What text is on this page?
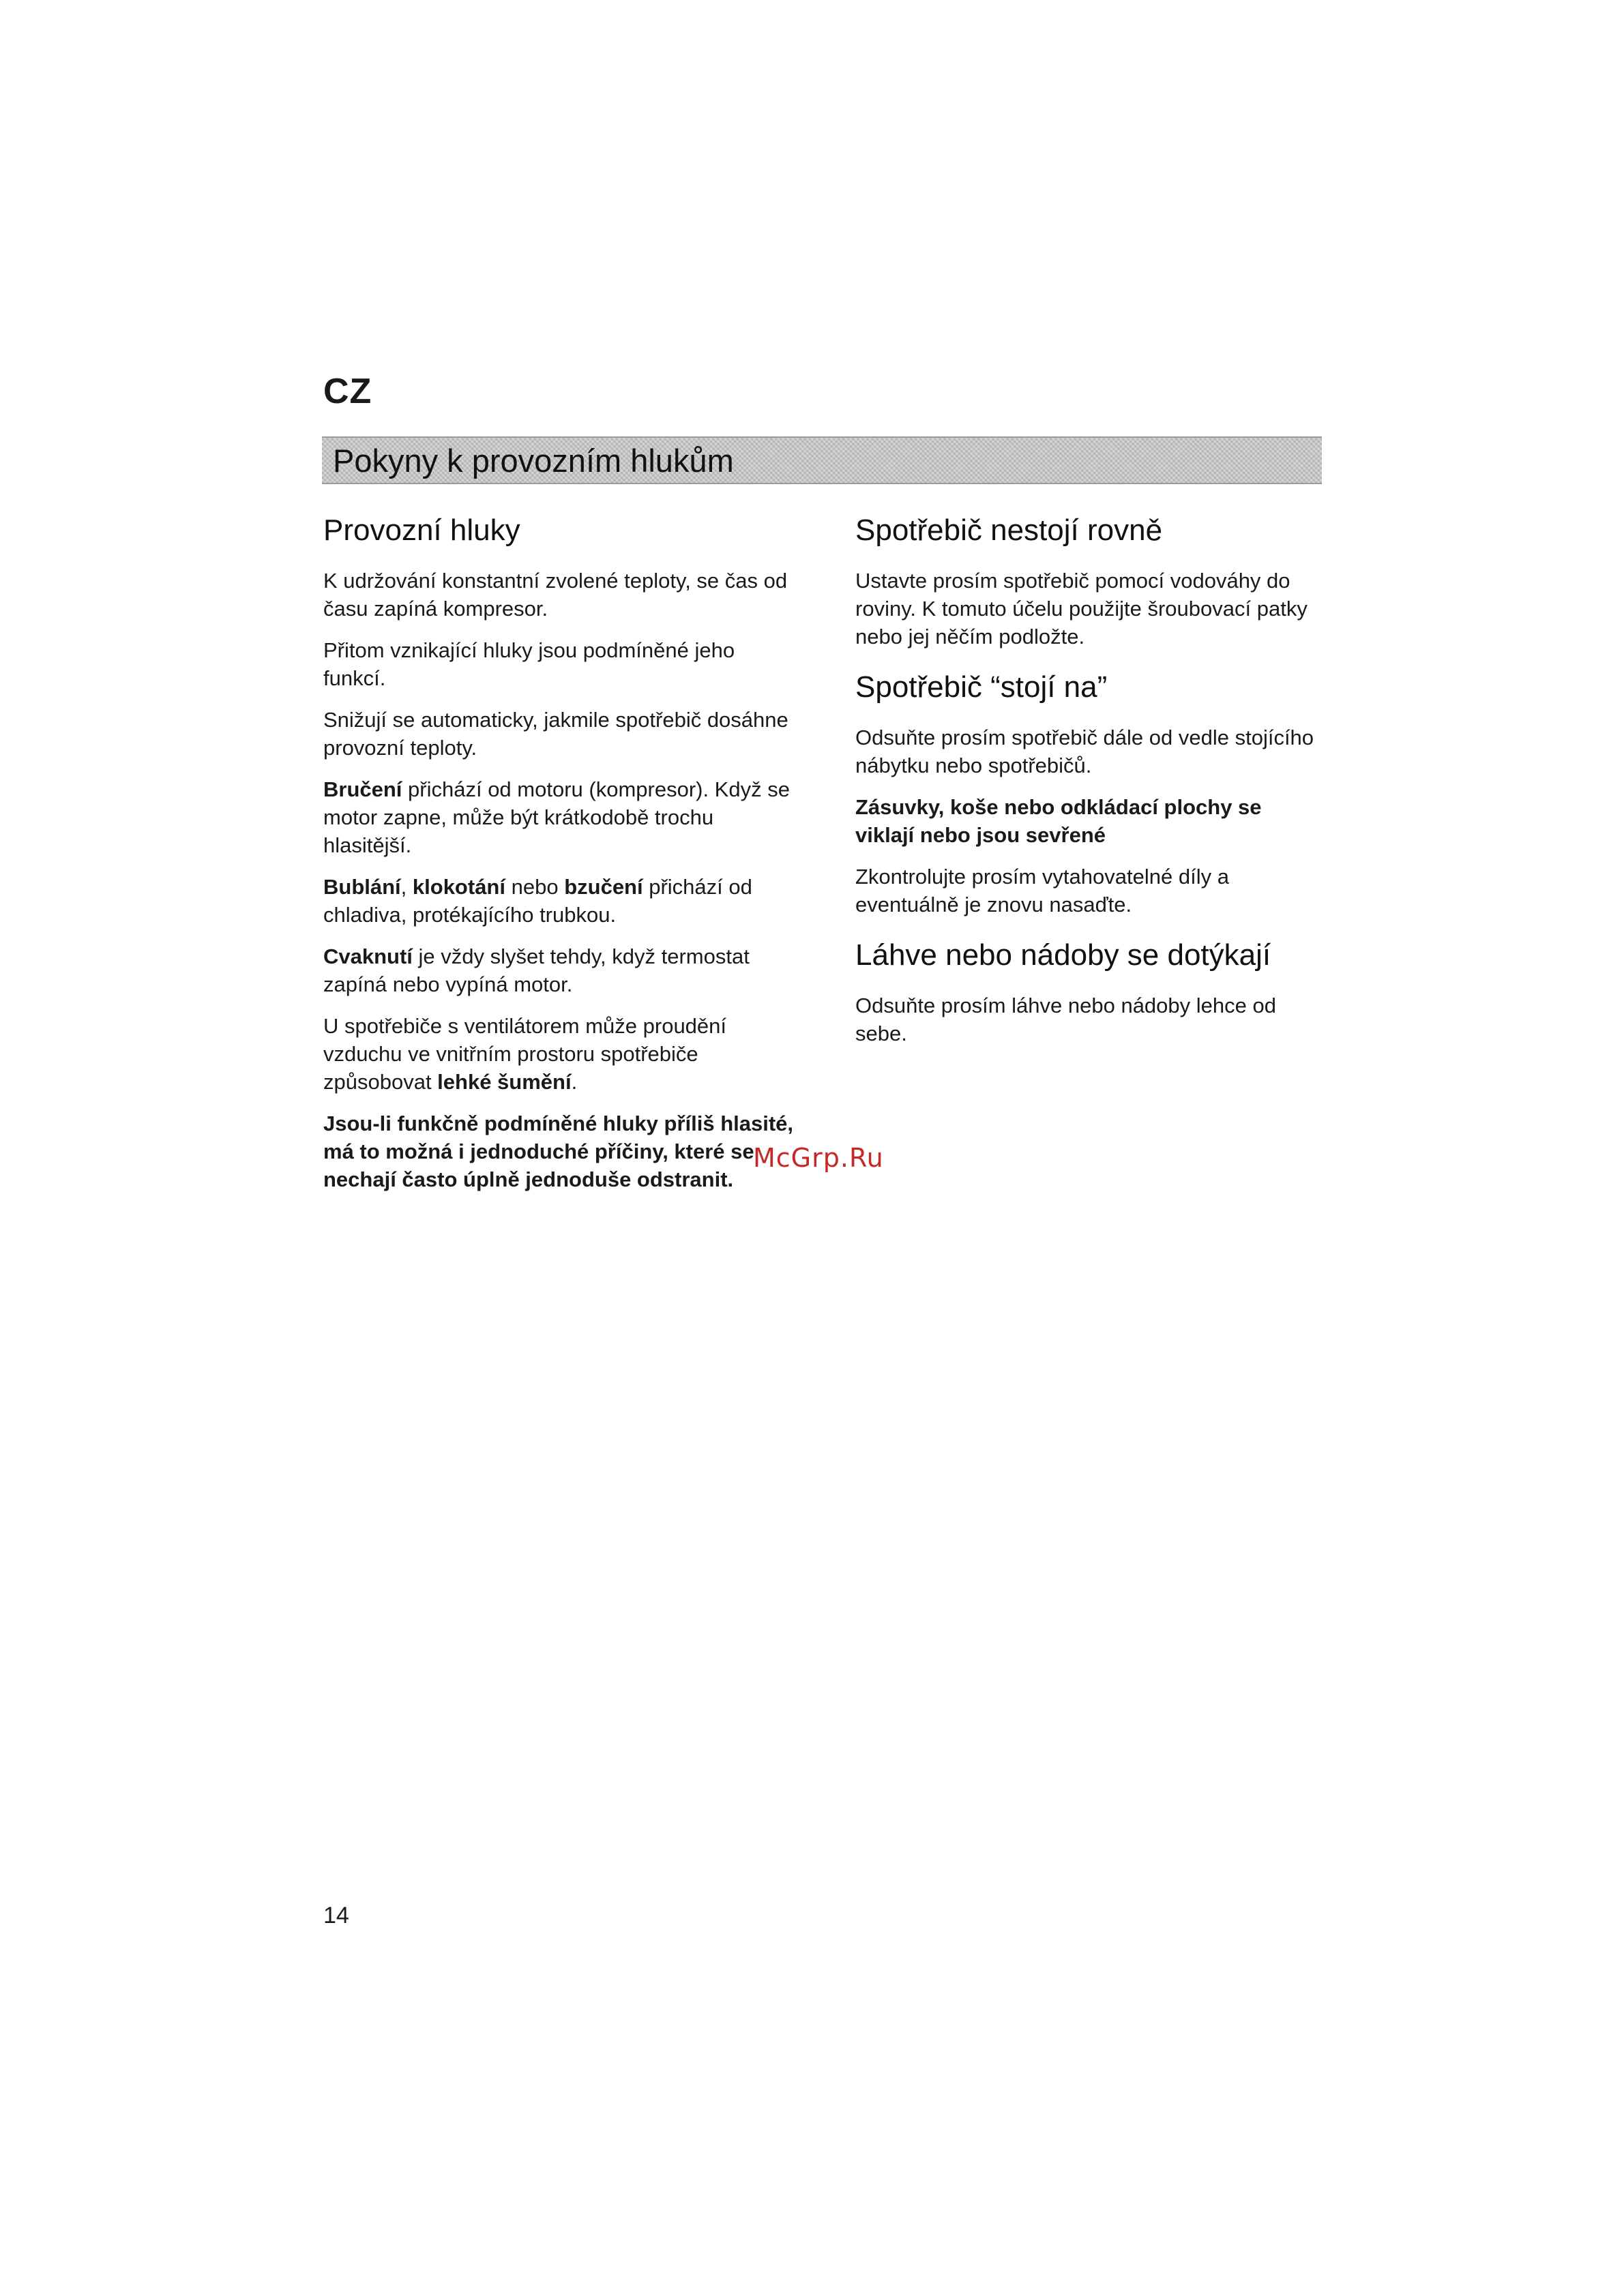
CZ
Pokyny k provozním hlukům
Provozní hluky

K udržování konstantní zvolené teploty, se čas od času zapíná kompresor.

Přitom vznikající hluky jsou podmíněné jeho funkcí.

Snižují se automaticky, jakmile spotřebič dosáhne provozní teploty.

Bručení přichází od motoru (kompresor). Když se motor zapne, může být krátkodobě trochu hlasitější.

Bublání, klokotání nebo bzučení přichází od chladiva, protékajícího trubkou.

Cvaknutí je vždy slyšet tehdy, když termostat zapíná nebo vypíná motor.

U spotřebiče s ventilátorem může proudění vzduchu ve vnitřním prostoru spotřebiče způsobovat lehké šumění.

Jsou-li funkčně podmíněné hluky příliš hlasité, má to možná i jednoduché příčiny, které se nechají často úplně jednoduše odstranit.

Spotřebič nestojí rovně

Ustavte prosím spotřebič pomocí vodováhy do roviny. K tomuto účelu použijte šroubovací patky nebo jej něčím podložte.

Spotřebič “stojí na”

Odsuňte prosím spotřebič dále od vedle stojícího nábytku nebo spotřebičů.

Zásuvky, koše nebo odkládací plochy se viklají nebo jsou sevřené

Zkontrolujte prosím vytahovatelné díly a eventuálně je znovu nasaďte.

Láhve nebo nádoby se dotýkají

Odsuňte prosím láhve nebo nádoby lehce od sebe.

McGrp.Ru
14
